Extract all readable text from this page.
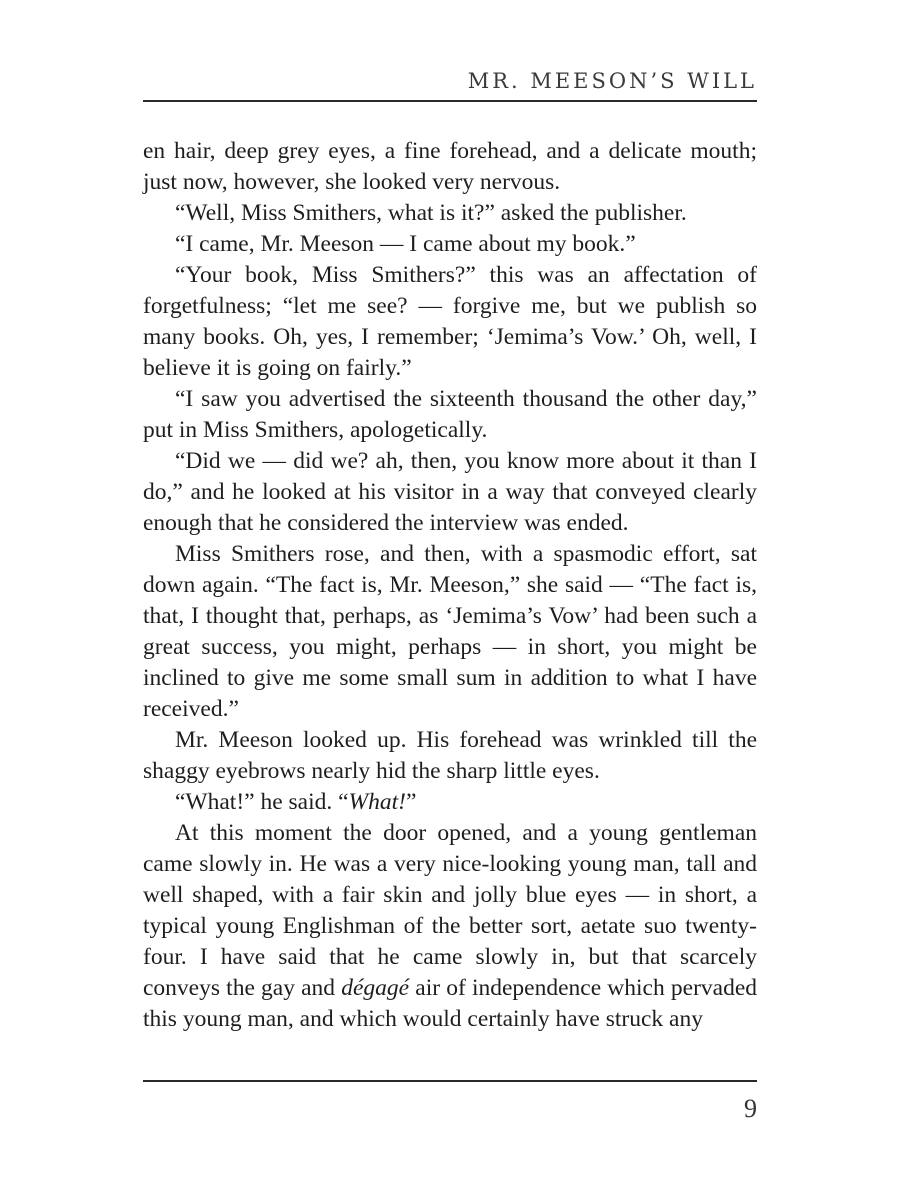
MR. MEESON’S WILL

en hair, deep grey eyes, a fine forehead, and a delicate mouth; just now, however, she looked very nervous.

“Well, Miss Smithers, what is it?” asked the publisher.

“I came, Mr. Meeson — I came about my book.”

“Your book, Miss Smithers?” this was an affectation of forgetfulness; “let me see? — forgive me, but we publish so many books. Oh, yes, I remember; ‘Jemima’s Vow.’ Oh, well, I believe it is going on fairly.”

“I saw you advertised the sixteenth thousand the other day,” put in Miss Smithers, apologetically.

“Did we — did we? ah, then, you know more about it than I do,” and he looked at his visitor in a way that conveyed clearly enough that he considered the interview was ended.

Miss Smithers rose, and then, with a spasmodic effort, sat down again. “The fact is, Mr. Meeson,” she said — “The fact is, that, I thought that, perhaps, as ‘Jemima’s Vow’ had been such a great success, you might, perhaps — in short, you might be inclined to give me some small sum in addition to what I have received.”

Mr. Meeson looked up. His forehead was wrinkled till the shaggy eyebrows nearly hid the sharp little eyes.

“What!” he said. “What!”

At this moment the door opened, and a young gentleman came slowly in. He was a very nice-looking young man, tall and well shaped, with a fair skin and jolly blue eyes — in short, a typical young Englishman of the better sort, aetate suo twenty-four. I have said that he came slowly in, but that scarcely conveys the gay and dégagé air of independence which pervaded this young man, and which would certainly have struck any

9
